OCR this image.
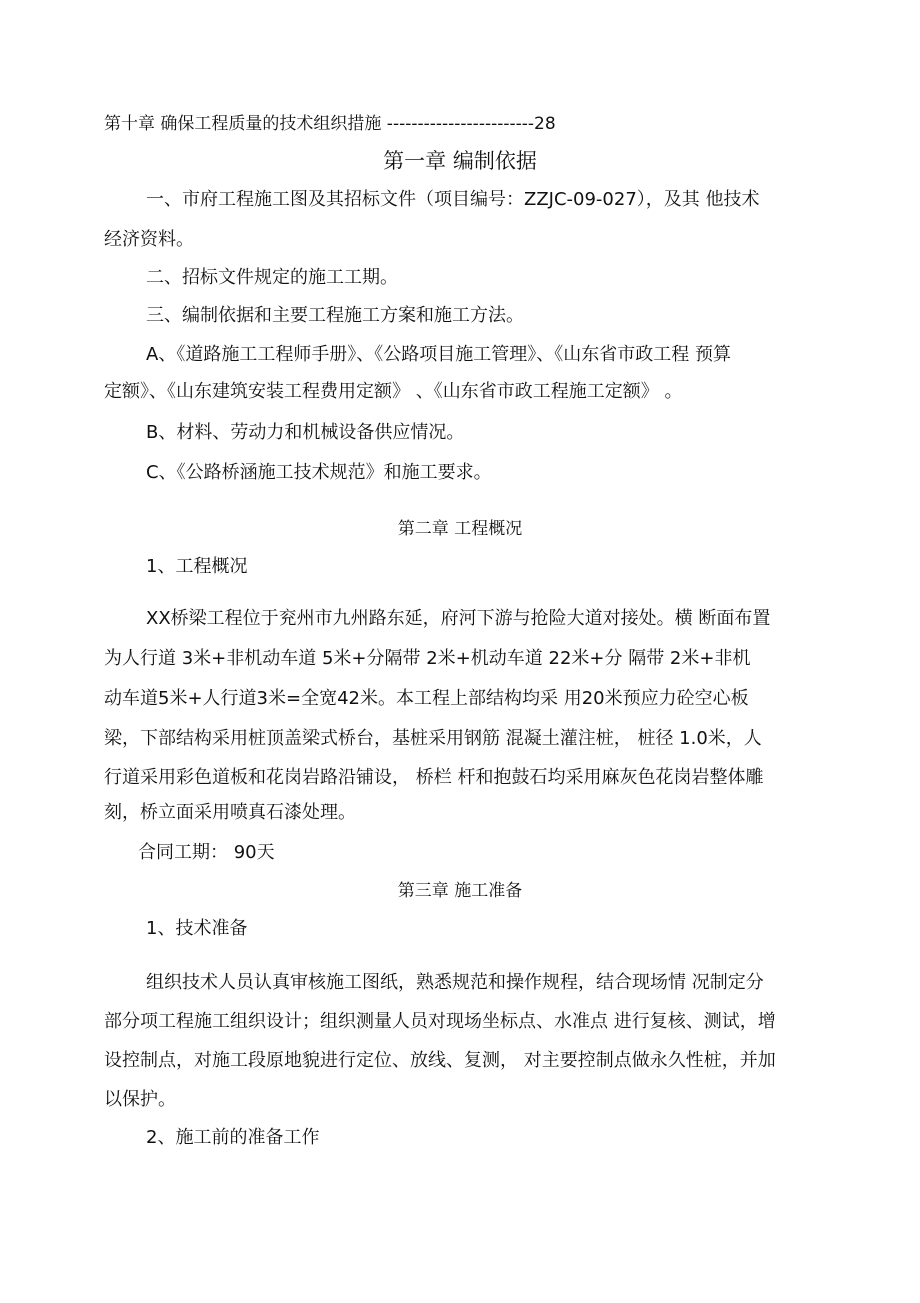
第十章 确保工程质量的技术组织措施 ------------------------28
第一章 编制依据
一、市府工程施工图及其招标文件（项目编号：ZZJC-09-027），及其 他技术
经济资料。
二、招标文件规定的施工工期。
三、编制依据和主要工程施工方案和施工方法。
A、《道路施工工程师手册》、《公路项目施工管理》、《山东省市政工程 预算
定额》、《山东建筑安装工程费用定额》 、《山东省市政工程施工定额》 。
B、材料、劳动力和机械设备供应情况。
C、《公路桥涵施工技术规范》和施工要求。
第二章 工程概况
1、工程概况
XX桥梁工程位于兖州市九州路东延，府河下游与抢险大道对接处。横 断面布置
为人行道 3米+非机动车道 5米+分隔带 2米+机动车道 22米+分 隔带 2米+非机
动车道5米+人行道3米=全宽42米。本工程上部结构均采 用20米预应力砼空心板
梁，下部结构采用桩顶盖梁式桥台，基桩采用钢筋 混凝土灌注桩， 桩径 1.0米，人
行道采用彩色道板和花岗岩路沿铺设， 桥栏 杆和抱鼓石均采用麻灰色花岗岩整体雕
刻，桥立面采用喷真石漆处理。
合同工期： 90天
第三章 施工准备
1、技术准备
组织技术人员认真审核施工图纸，熟悉规范和操作规程，结合现场情 况制定分
部分项工程施工组织设计；组织测量人员对现场坐标点、水准点 进行复核、测试，增
设控制点，对施工段原地貌进行定位、放线、复测， 对主要控制点做永久性桩，并加
以保护。
2、施工前的准备工作
